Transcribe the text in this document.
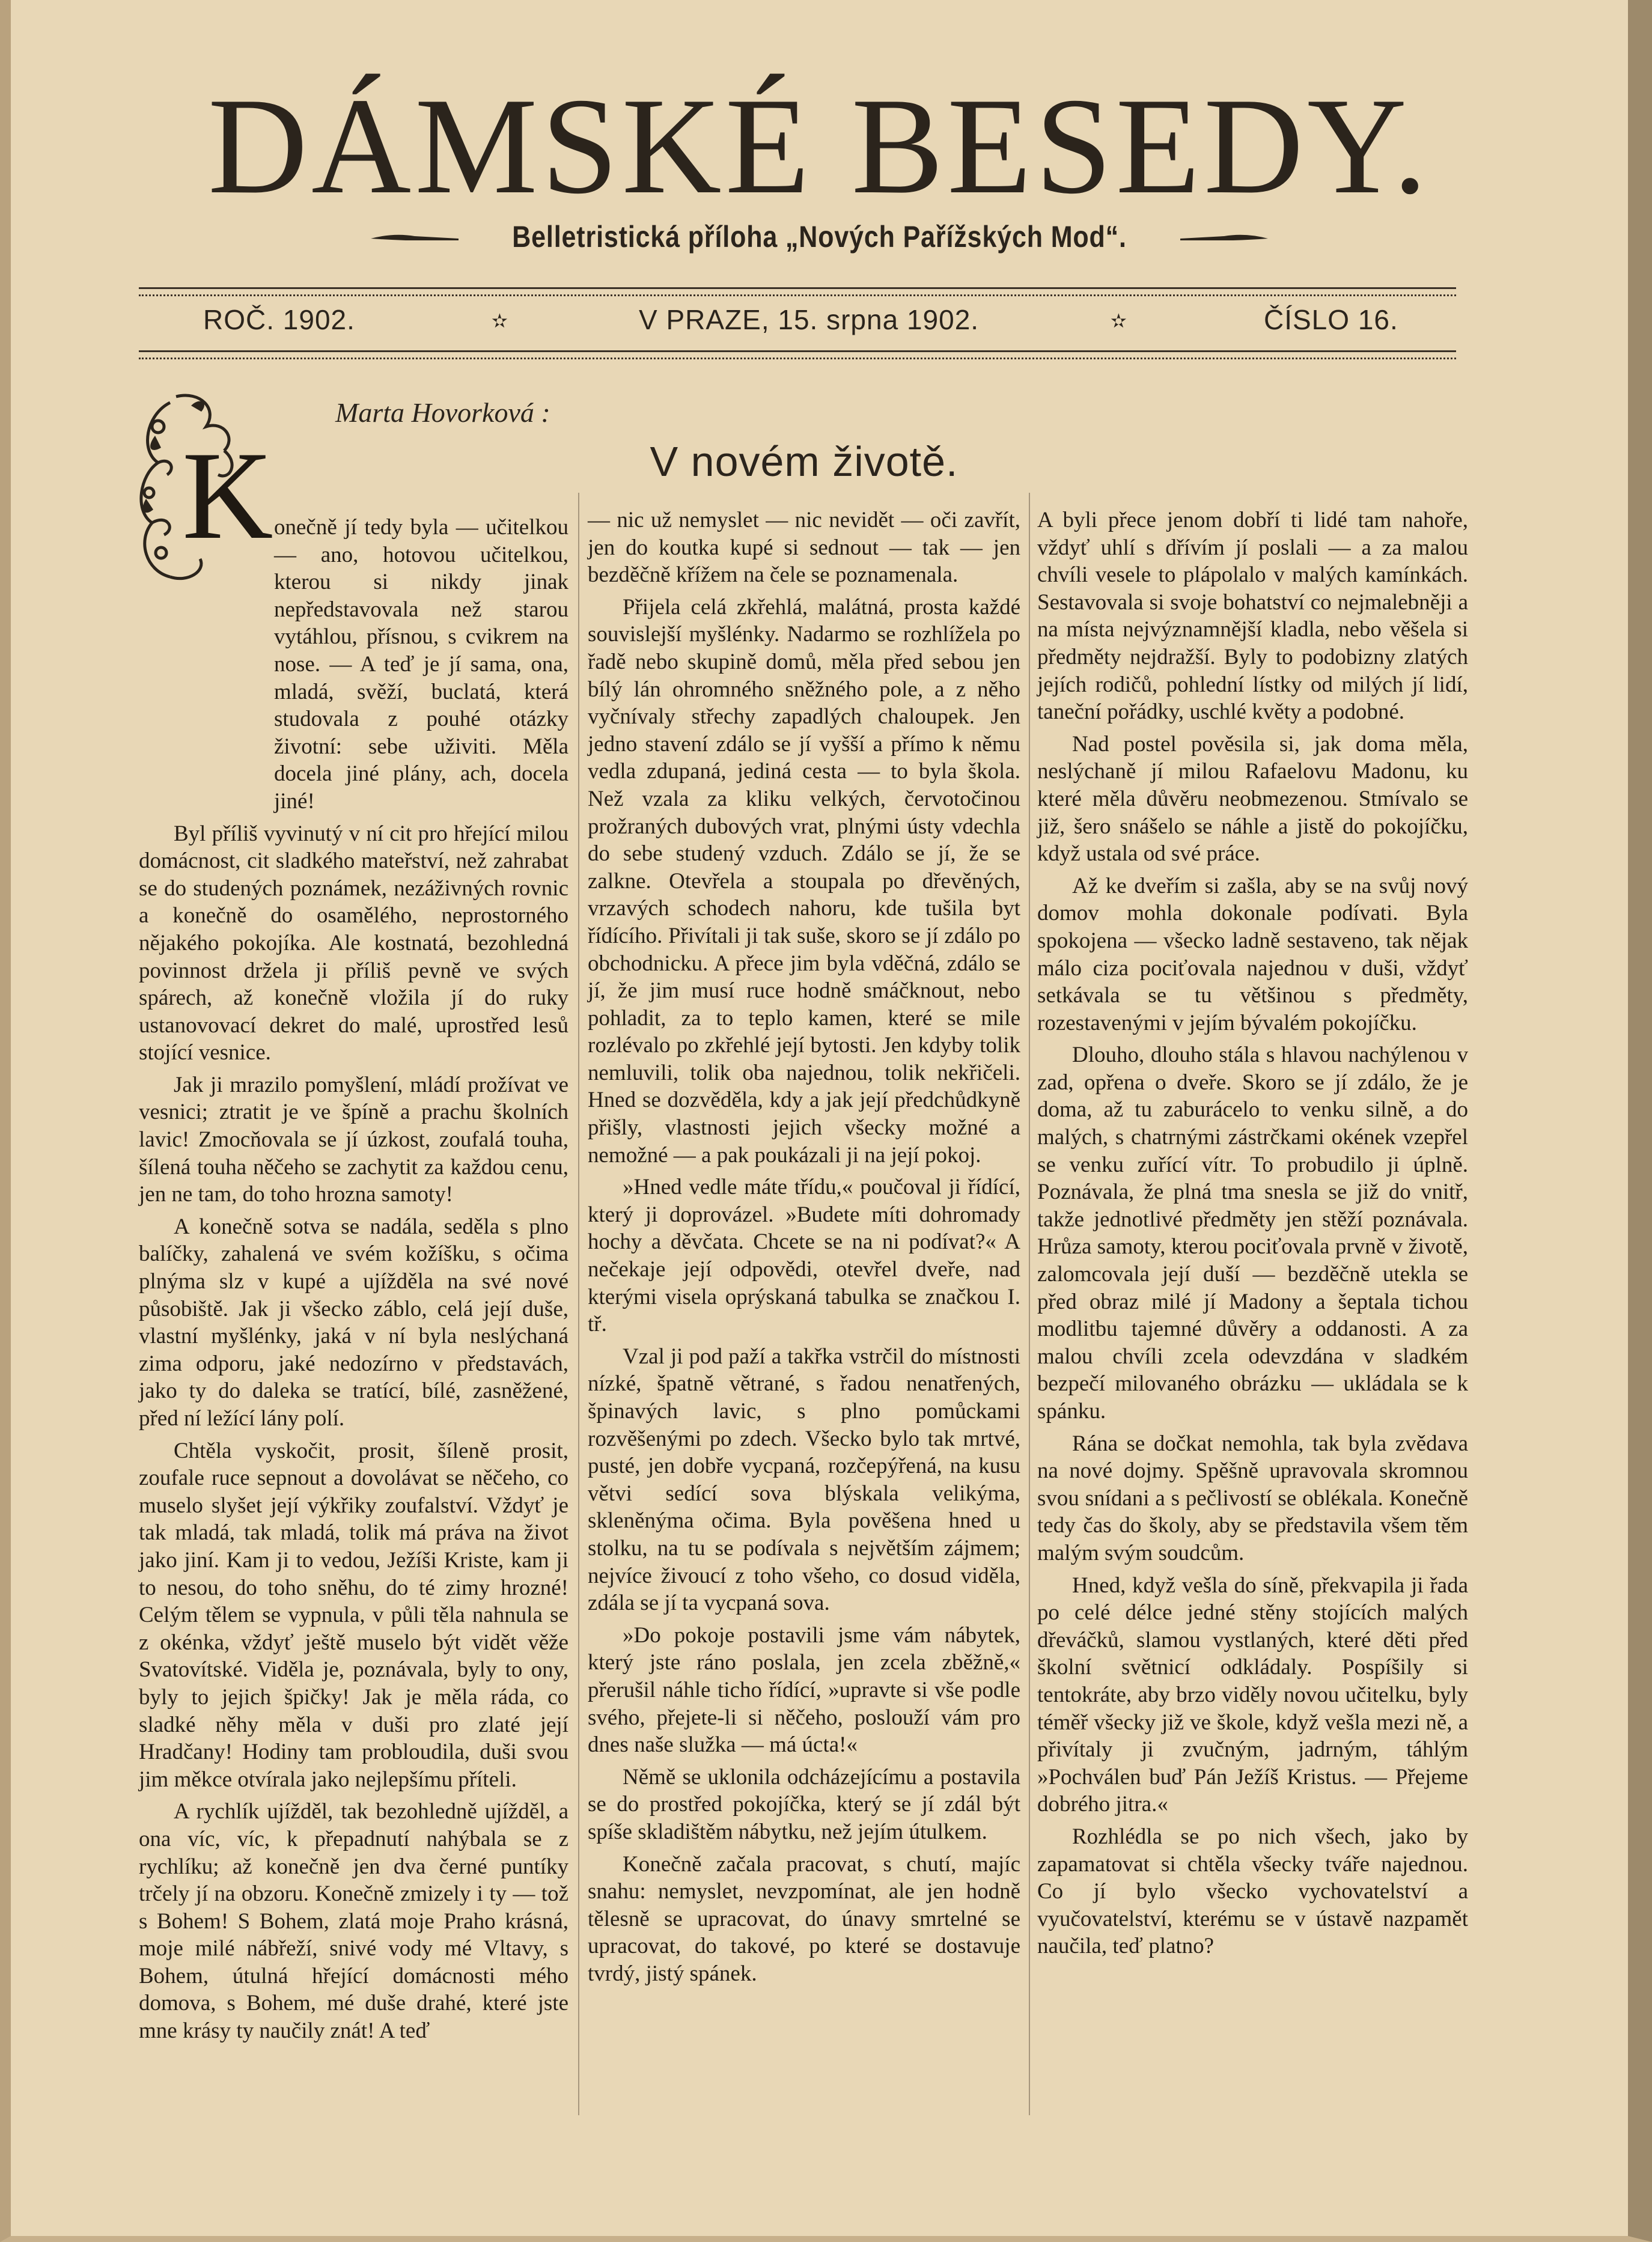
DÁMSKÉ BESEDY.
Belletristická příloha „Nových Pařížských Mod“.
ROČ. 1902.	✫	V PRAZE, 15. srpna 1902.	✫	ČÍSLO 16.
Marta Hovorková :
V novém životě.
K onečně jí tedy byla — učitelkou — ano, hotovou učitelkou, kterou si nikdy jinak nepředstavovala než starou vytáhlou, přísnou, s cvikrem na nose. — A teď je jí sama, ona, mladá, svěží, buclatá, která studovala z pouhé otázky životní: sebe uživiti. Měla docela jiné plány, ach, docela jiné!

Byl příliš vyvinutý v ní cit pro hřející milou domácnost, cit sladkého mateřství, než zahrabat se do studených poznámek, nezáživných rovnic a konečně do osamělého, neprostorného nějakého pokojíka. Ale kostnatá, bezohledná povinnost držela ji příliš pevně ve svých spárech, až konečně vložila jí do ruky ustanovovací dekret do malé, uprostřed lesů stojící vesnice.

Jak ji mrazilo pomyšlení, mládí prožívat ve vesnici; ztratit je ve špíně a prachu školních lavic! Zmocňovala se jí úzkost, zoufalá touha, šílená touha něčeho se zachytit za každou cenu, jen ne tam, do toho hrozna samoty!

A konečně sotva se nadála, seděla s plno balíčky, zahalená ve svém kožíšku, s očima plnýma slz v kupé a ujížděla na své nové působiště. Jak ji všecko záblo, celá její duše, vlastní myšlénky, jaká v ní byla neslýchaná zima odporu, jaké nedozírno v představách, jako ty do daleka se tratící, bílé, zasněžené, před ní ležící lány polí.

Chtěla vyskočit, prosit, šíleně prosit, zoufale ruce sepnout a dovolávat se něčeho, co muselo slyšet její výkřiky zoufalství. Vždyť je tak mladá, tak mladá, tolik má práva na život jako jiní. Kam ji to vedou, Ježíši Kriste, kam ji to nesou, do toho sněhu, do té zimy hrozné! Celým tělem se vypnula, v půli těla nahnula se z okénka, vždyť ještě muselo být vidět věže Svatovítské. Viděla je, poznávala, byly to ony, byly to jejich špičky! Jak je měla ráda, co sladké něhy měla v duši pro zlaté její Hradčany! Hodiny tam probloudila, duši svou jim měkce otvírala jako nejlepšímu příteli.

A rychlík ujížděl, tak bezohledně ujížděl, a ona víc, víc, k přepadnutí nahýbala se z rychlíku; až konečně jen dva černé puntíky trčely jí na obzoru. Konečně zmizely i ty — tož s Bohem! S Bohem, zlatá moje Praho krásná, moje milé nábřeží, snivé vody mé Vltavy, s Bohem, útulná hřející domácnosti mého domova, s Bohem, mé duše drahé, které jste mne krásy ty naučily znát! A teď

— nic už nemyslet — nic nevidět — oči zavřít, jen do koutka kupé si sednout — tak — jen bezděčně křížem na čele se poznamenala.

Přijela celá zkřehlá, malátná, prosta každé souvislejší myšlénky. Nadarmo se rozhlížela po řadě nebo skupině domů, měla před sebou jen bílý lán ohromného sněžného pole, a z něho vyčnívaly střechy zapadlých chaloupek. Jen jedno stavení zdálo se jí vyšší a přímo k němu vedla zdupaná, jediná cesta — to byla škola. Než vzala za kliku velkých, červotočinou prožraných dubových vrat, plnými ústy vdechla do sebe studený vzduch. Zdálo se jí, že se zalkne. Otevřela a stoupala po dřevěných, vrzavých schodech nahoru, kde tušila byt řídícího. Přivítali ji tak suše, skoro se jí zdálo po obchodnicku. A přece jim byla vděčná, zdálo se jí, že jim musí ruce hodně smáčknout, nebo pohladit, za to teplo kamen, které se mile rozlévalo po zkřehlé její bytosti. Jen kdyby tolik nemluvili, tolik oba najednou, tolik nekřičeli. Hned se dozvěděla, kdy a jak její předchůdkyně přišly, vlastnosti jejich všecky možné a nemožné — a pak poukázali ji na její pokoj.

»Hned vedle máte třídu,« poučoval ji řídící, který ji doprovázel. »Budete míti dohromady hochy a děvčata. Chcete se na ni podívat?« A nečekaje její odpovědi, otevřel dveře, nad kterými visela oprýskaná tabulka se značkou I. tř.

Vzal ji pod paží a takřka vstrčil do místnosti nízké, špatně větrané, s řadou nenatřených, špinavých lavic, s plno pomůckami rozvěšenými po zdech. Všecko bylo tak mrtvé, pusté, jen dobře vycpaná, rozčepýřená, na kusu větvi sedící sova blýskala velikýma, skleněnýma očima. Byla pověšena hned u stolku, na tu se podívala s největším zájmem; nejvíce živoucí z toho všeho, co dosud viděla, zdála se jí ta vycpaná sova.

»Do pokoje postavili jsme vám nábytek, který jste ráno poslala, jen zcela zběžně,« přerušil náhle ticho řídící, »upravte si vše podle svého, přejete-li si něčeho, poslouží vám pro dnes naše služka — má úcta!«

Němě se uklonila odcházejícímu a postavila se do prostřed pokojíčka, který se jí zdál být spíše skladištěm nábytku, než jejím útulkem.

Konečně začala pracovat, s chutí, majíc snahu: nemyslet, nevzpomínat, ale jen hodně tělesně se upracovat, do únavy smrtelné se upracovat, do takové, po které se dostavuje tvrdý, jistý spánek.

A byli přece jenom dobří ti lidé tam nahoře, vždyť uhlí s dřívím jí poslali — a za malou chvíli vesele to plápolalo v malých kamínkách. Sestavovala si svoje bohatství co nejmalebněji a na místa nejvýznamnější kladla, nebo věšela si předměty nejdražší. Byly to podobizny zlatých jejích rodičů, pohlední lístky od milých jí lidí, taneční pořádky, uschlé květy a podobné.

Nad postel pověsila si, jak doma měla, neslýchaně jí milou Rafaelovu Madonu, ku které měla důvěru neobmezenou. Stmívalo se již, šero snášelo se náhle a jistě do pokojíčku, když ustala od své práce.

Až ke dveřím si zašla, aby se na svůj nový domov mohla dokonale podívati. Byla spokojena — všecko ladně sestaveno, tak nějak málo ciza pociťovala najednou v duši, vždyť setkávala se tu většinou s předměty, rozestavenými v jejím bývalém pokojíčku.

Dlouho, dlouho stála s hlavou nachýlenou v zad, opřena o dveře. Skoro se jí zdálo, že je doma, až tu zaburácelo to venku silně, a do malých, s chatrnými zástrčkami okének vzepřel se venku zuřící vítr. To probudilo ji úplně. Poznávala, že plná tma snesla se již do vnitř, takže jednotlivé předměty jen stěží poznávala. Hrůza samoty, kterou pociťovala prvně v životě, zalomcovala její duší — bezděčně utekla se před obraz milé jí Madony a šeptala tichou modlitbu tajemné důvěry a oddanosti. A za malou chvíli zcela odevzdána v sladkém bezpečí milovaného obrázku — ukládala se k spánku.

Rána se dočkat nemohla, tak byla zvědava na nové dojmy. Spěšně upravovala skromnou svou snídani a s pečlivostí se oblékala. Konečně tedy čas do školy, aby se představila všem těm malým svým soudcům.

Hned, když vešla do síně, překvapila ji řada po celé délce jedné stěny stojících malých dřeváčků, slamou vystlaných, které děti před školní světnicí odkládaly. Pospíšily si tentokráte, aby brzo viděly novou učitelku, byly téměř všecky již ve škole, když vešla mezi ně, a přivítaly ji zvučným, jadrným, táhlým »Pochválen buď Pán Ježíš Kristus. — Přejeme dobrého jitra.«

Rozhlédla se po nich všech, jako by zapamatovat si chtěla všecky tváře najednou. Co jí bylo všecko vychovatelství a vyučovatelství, kterému se v ústavě nazpamět naučila, teď platno?
